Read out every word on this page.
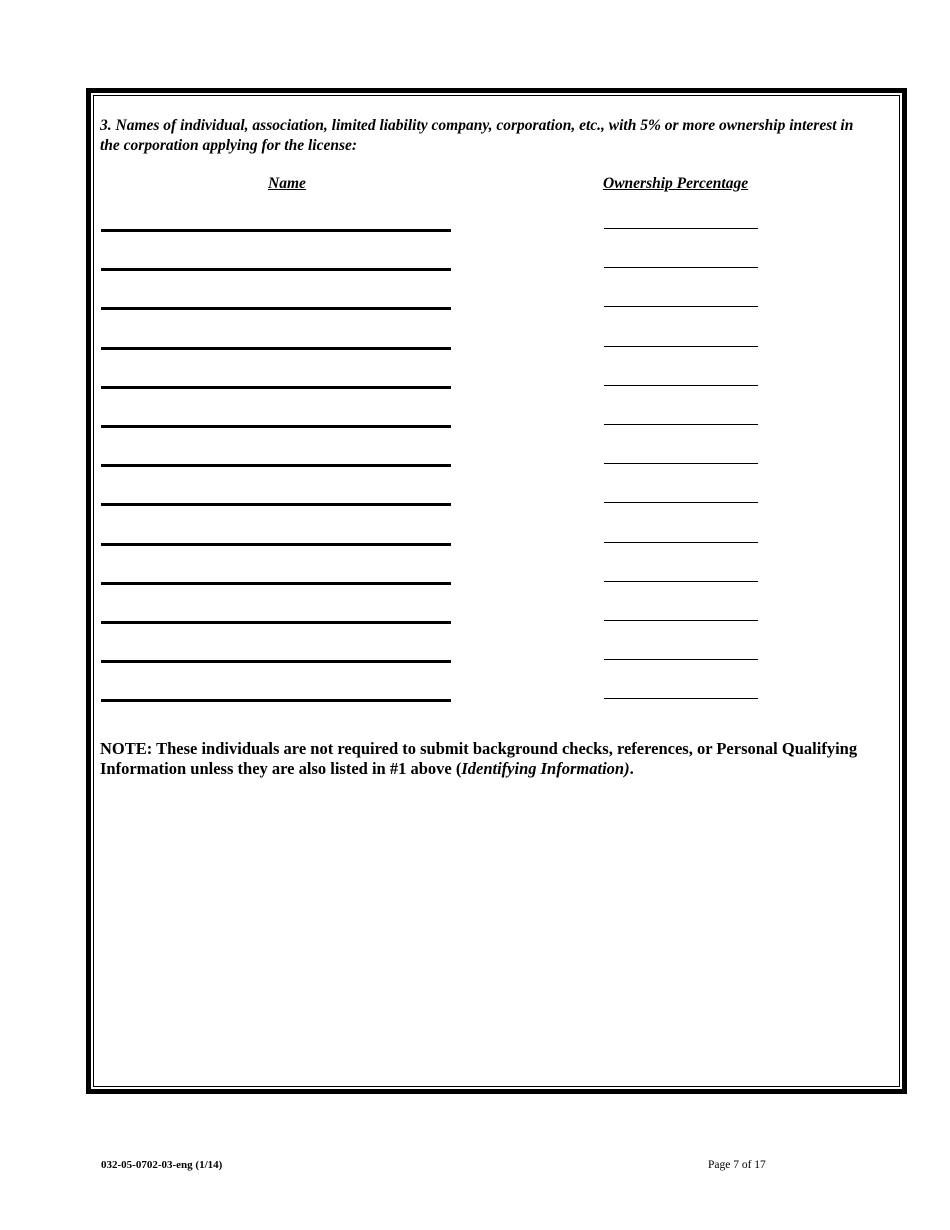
3. Names of individual, association, limited liability company, corporation, etc., with 5% or more ownership interest in the corporation applying for the license:
Name	Ownership Percentage
NOTE: These individuals are not required to submit background checks, references, or Personal Qualifying Information unless they are also listed in #1 above (Identifying Information).
032-05-0702-03-eng (1/14)	Page 7 of 17
